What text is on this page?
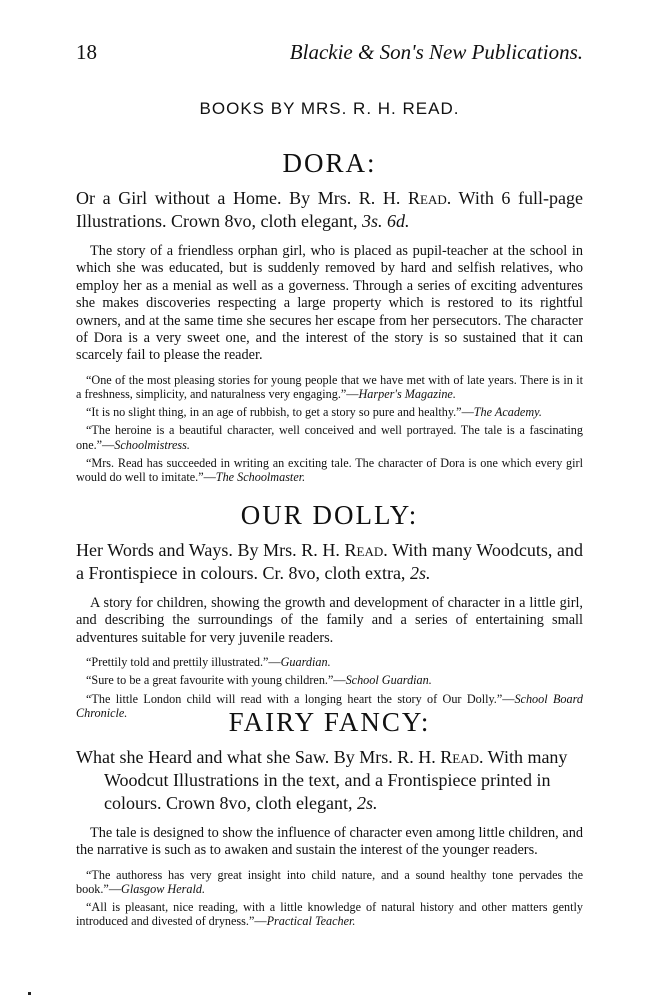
18	Blackie & Son's New Publications.
BOOKS BY MRS. R. H. READ.
DORA:

Or a Girl without a Home. By Mrs. R. H. Read. With 6 full-page Illustrations. Crown 8vo, cloth elegant, 3s. 6d.

The story of a friendless orphan girl, who is placed as pupil-teacher at the school in which she was educated, but is suddenly removed by hard and selfish relatives, who employ her as a menial as well as a governess. Through a series of exciting adventures she makes discoveries respecting a large property which is restored to its rightful owners, and at the same time she secures her escape from her persecutors. The character of Dora is a very sweet one, and the interest of the story is so sustained that it can scarcely fail to please the reader.

“One of the most pleasing stories for young people that we have met with of late years. There is in it a freshness, simplicity, and naturalness very engaging.”—Harper's Magazine.

“It is no slight thing, in an age of rubbish, to get a story so pure and healthy.”—The Academy.

“The heroine is a beautiful character, well conceived and well portrayed. The tale is a fascinating one.”—Schoolmistress.

“Mrs. Read has succeeded in writing an exciting tale. The character of Dora is one which every girl would do well to imitate.”—The Schoolmaster.

OUR DOLLY:

Her Words and Ways. By Mrs. R. H. Read. With many Woodcuts, and a Frontispiece in colours. Cr. 8vo, cloth extra, 2s.

A story for children, showing the growth and development of character in a little girl, and describing the surroundings of the family and a series of entertaining small adventures suitable for very juvenile readers.

“Prettily told and prettily illustrated.”—Guardian.

“Sure to be a great favourite with young children.”—School Guardian.

“The little London child will read with a longing heart the story of Our Dolly.”—School Board Chronicle.	FAIRY FANCY:

What she Heard and what she Saw. By Mrs. R. H. Read. With many Woodcut Illustrations in the text, and a Frontispiece printed in colours. Crown 8vo, cloth elegant, 2s.

The tale is designed to show the influence of character even among little children, and the narrative is such as to awaken and sustain the interest of the younger readers.

“The authoress has very great insight into child nature, and a sound healthy tone pervades the book.”—Glasgow Herald.

“All is pleasant, nice reading, with a little knowledge of natural history and other matters gently introduced and divested of dryness.”—Practical Teacher.
